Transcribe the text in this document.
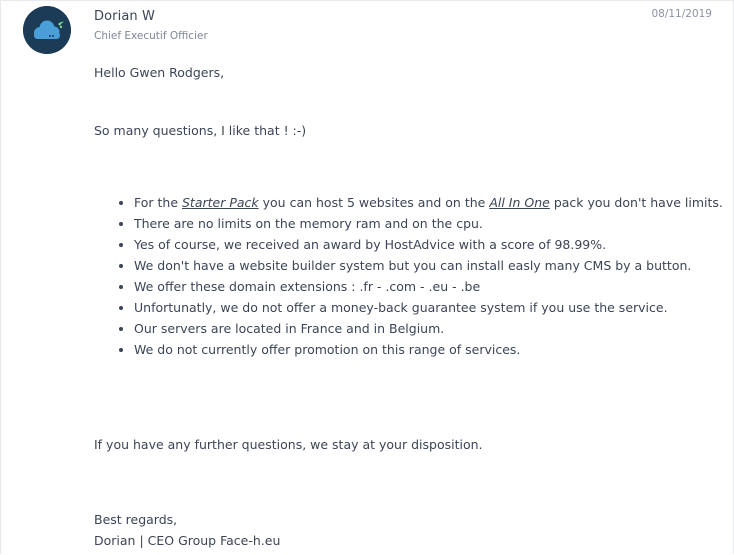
Dorian W
Chief Executif Officier
08/11/2019

Hello Gwen Rodgers,

So many questions, I like that ! :-)

• For the Starter Pack you can host 5 websites and on the All In One pack you don't have limits.
• There are no limits on the memory ram and on the cpu.
• Yes of course, we received an award by HostAdvice with a score of 98.99%.
• We don't have a website builder system but you can install easly many CMS by a button.
• We offer these domain extensions : .fr - .com - .eu - .be
• Unfortunatly, we do not offer a money-back guarantee system if you use the service.
• Our servers are located in France and in Belgium.
• We do not currently offer promotion on this range of services.

If you have any further questions, we stay at your disposition.

Best regards,

Dorian | CEO Group Face-h.eu
